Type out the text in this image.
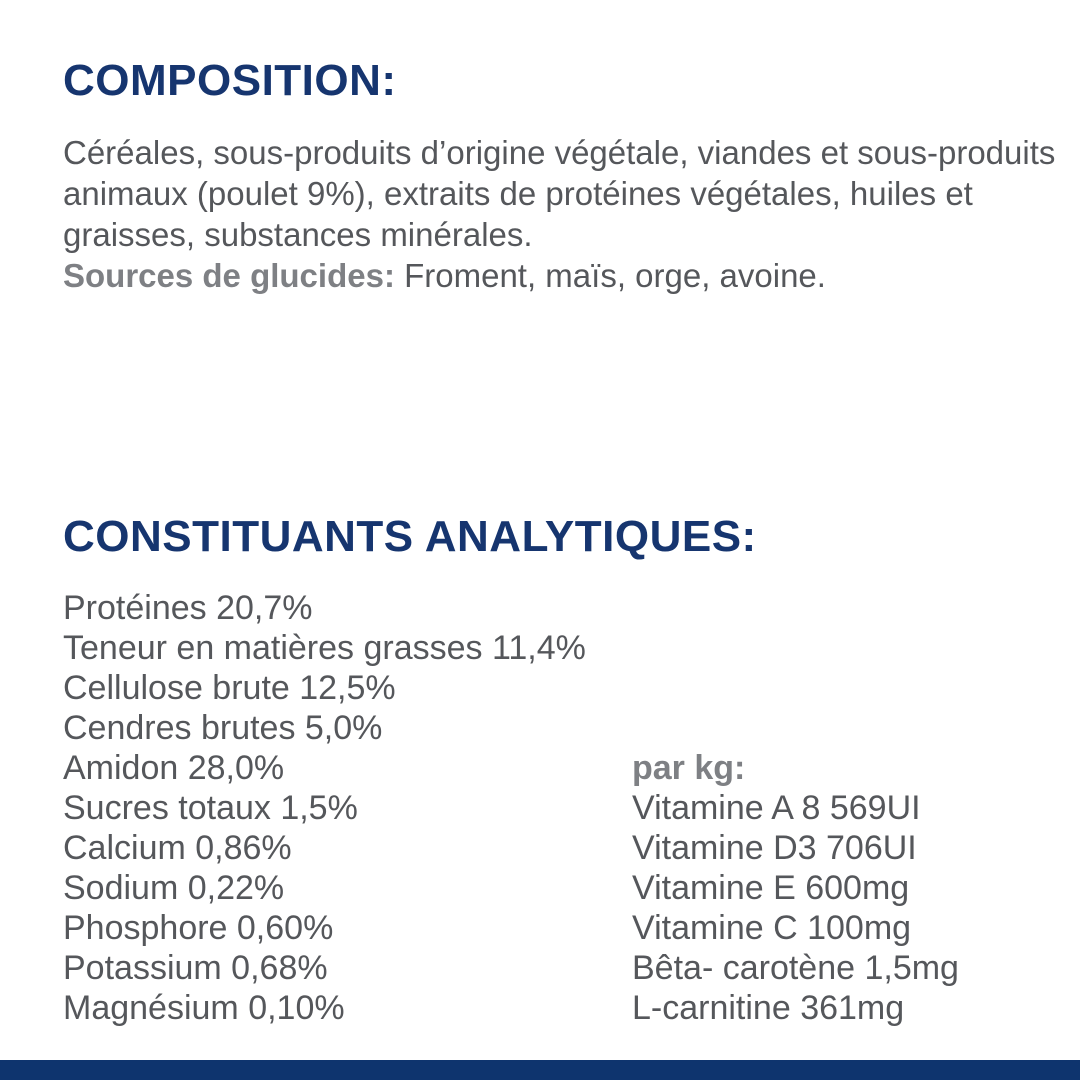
COMPOSITION:
Céréales, sous-produits d’origine végétale, viandes et sous-produits animaux (poulet 9%), extraits de protéines végétales, huiles et graisses, substances minérales.
Sources de glucides: Froment, maïs, orge, avoine.
CONSTITUANTS ANALYTIQUES:
Protéines 20,7%
Teneur en matières grasses 11,4%
Cellulose brute 12,5%
Cendres brutes 5,0%
Amidon 28,0%
Sucres totaux 1,5%
Calcium 0,86%
Sodium 0,22%
Phosphore 0,60%
Potassium 0,68%
Magnésium 0,10%
par kg:
Vitamine A 8 569UI
Vitamine D3 706UI
Vitamine E 600mg
Vitamine C 100mg
Bêta- carotène 1,5mg
L-carnitine 361mg
